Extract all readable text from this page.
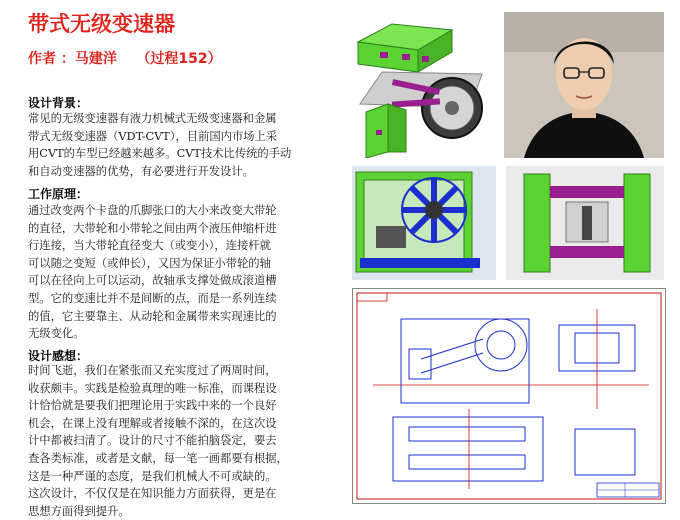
带式无级变速器
作者 ：马建洋    （过程152）
设计背景：
常见的无级变速器有液力机械式无级变速器和金属
带式无级变速器（VDT-CVT），目前国内市场上采
用CVT的车型已经越来越多。CVT技术比传统的手动
和自动变速器的优势，有必要进行开发设计。
工作原理：
通过改变两个卡盘的爪脚张口的大小来改变大带轮
的直径，大带轮和小带轮之间由两个液压伸缩杆进
行连接，当大带轮直径变大（或变小），连接杆就
可以随之变短（或伸长），又因为保证小带轮的轴
可以在径向上可以运动，故轴承支撑处做成滚道槽
型。它的变速比并不是间断的点，而是一系列连续
的值，它主要靠主、从动轮和金属带来实现速比的
无级变化。
设计感想：
时间飞逝，我们在紧张而又充实度过了两周时间，
收获颇丰。实践是检验真理的唯一标准，而课程设
计恰恰就是要我们把理论用于实践中来的一个良好
机会，在课上没有理解或者接触不深的，在这次设
计中都被扫清了。设计的尺寸不能拍脑袋定，要去
查各类标准，或者是文献，每一笔一画都要有根据，
这是一种严谨的态度，是我们机械人不可或缺的。
这次设计，不仅仅是在知识能力方面获得，更是在
思想方面得到提升。
